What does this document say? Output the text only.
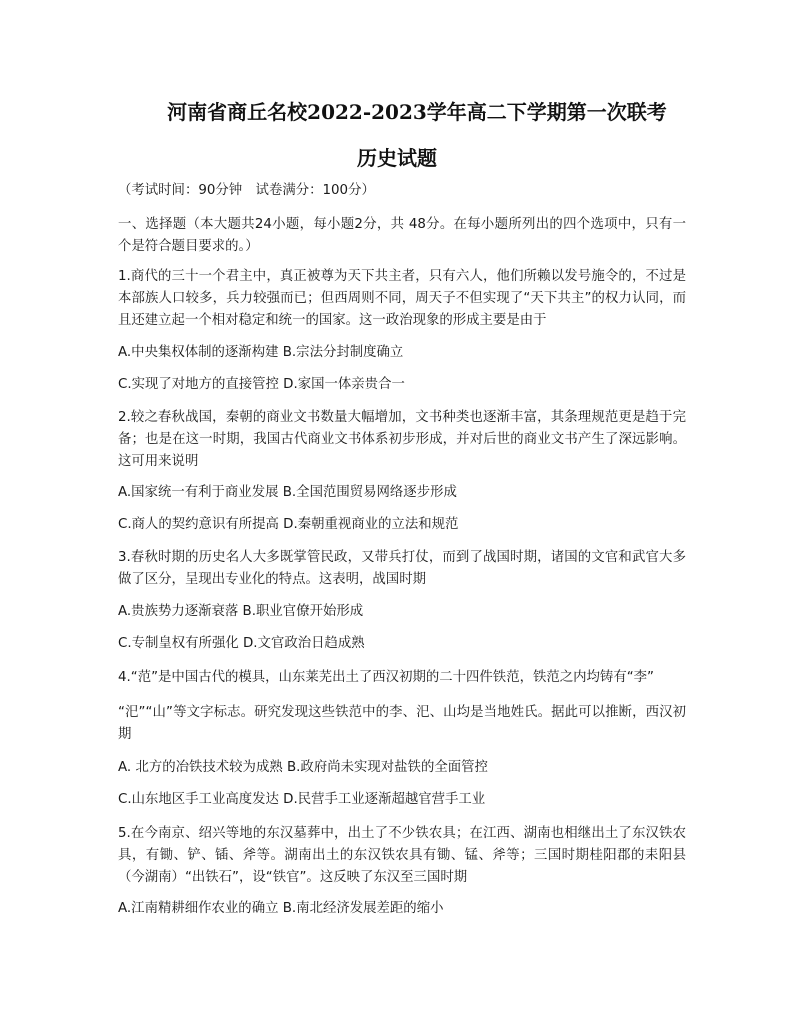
河南省商丘名校2022-2023学年高二下学期第一次联考
历史试题
（考试时间：90分钟　试卷满分：100分）
一、选择题（本大题共24小题，每小题2分，共 48分。在每小题所列出的四个选项中，只有一个是符合题目要求的。）
1.商代的三十一个君主中，真正被尊为天下共主者，只有六人，他们所赖以发号施令的，不过是本部族人口较多，兵力较强而已；但西周则不同，周天子不但实现了“天下共主”的权力认同，而且还建立起一个相对稳定和统一的国家。这一政治现象的形成主要是由于
A.中央集权体制的逐渐构建 B.宗法分封制度确立
C.实现了对地方的直接管控 D.家国一体亲贵合一
2.较之春秋战国，秦朝的商业文书数量大幅增加，文书种类也逐渐丰富，其条理规范更是趋于完备；也是在这一时期，我国古代商业文书体系初步形成，并对后世的商业文书产生了深远影响。这可用来说明
A.国家统一有利于商业发展 B.全国范围贸易网络逐步形成
C.商人的契约意识有所提高 D.秦朝重视商业的立法和规范
3.春秋时期的历史名人大多既掌管民政，又带兵打仗，而到了战国时期，诸国的文官和武官大多做了区分，呈现出专业化的特点。这表明，战国时期
A.贵族势力逐渐衰落 B.职业官僚开始形成
C.专制皇权有所强化 D.文官政治日趋成熟
4.“范”是中国古代的模具，山东莱芜出土了西汉初期的二十四件铁范，铁范之内均铸有“李”
“汜”“山”等文字标志。研究发现这些铁范中的李、汜、山均是当地姓氏。据此可以推断，西汉初期
A. 北方的冶铁技术较为成熟 B.政府尚未实现对盐铁的全面管控
C.山东地区手工业高度发达 D.民营手工业逐渐超越官营手工业
5.在今南京、绍兴等地的东汉墓葬中，出土了不少铁农具；在江西、湖南也相继出土了东汉铁农具，有锄、铲、锸、斧等。湖南出土的东汉铁农具有锄、锰、斧等；三国时期桂阳郡的耒阳县（今湖南）“出铁石”，设“铁官”。这反映了东汉至三国时期
A.江南精耕细作农业的确立 B.南北经济发展差距的缩小
